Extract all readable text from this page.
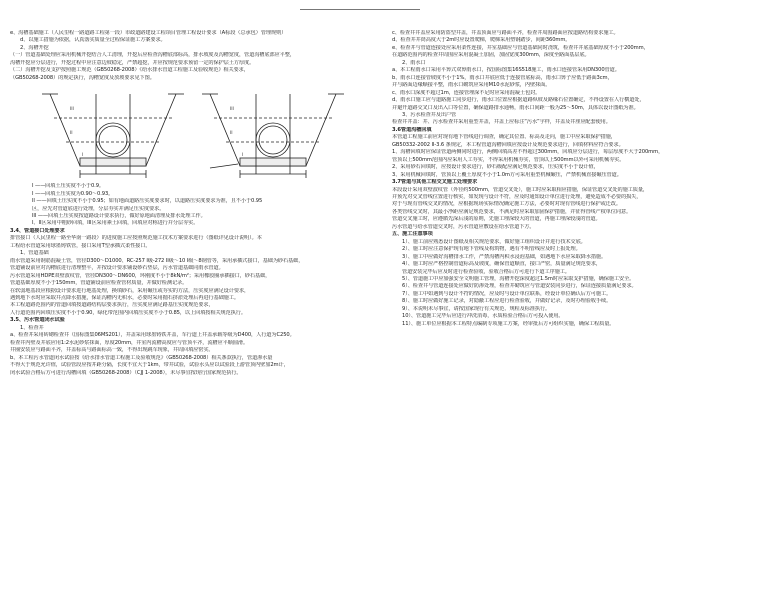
e、沟槽基础施工（人民里程一路道路工程第一段）市政道路建设工程项目管理工程设计要求（A标段（总承包）管理规则）

d、以施工措施为依据，认真落实质量全过程保证施工方案要求。

2、沟槽开挖

（一）管道基础处理应采用机械开挖结合人工清理，开挖后应检查沟槽底部标高，排水坡度及沟槽宽度，管道沟槽底部应平整，

沟槽开挖应分层进行，开挖过程中应注意边坡稳定，严禁超挖，并应按规范要求预留一定的保护层土方厚度。

（二）沟槽开挖及支护按照施工规范（GB50268-2008）《给水排水管道工程施工及验收规范》相关要求，

（GB50268-2008）的规定执行，沟槽宽度及放坡要求见下图。

III
II
I
III
II
I

I ——回填土压实度不小于0.9。

I ——回填土压实度为0.90～0.93。

II ——回填土压实度不小于0.95；如有地面道路压实度要求时，以道路压实度要求为准，且不小于0.95

区，应先对管道底进行处理，分层夯实并满足压实度要求。

III ——回填土压实度按道路设计要求执行，做好原地面清理及排水处理工作。

I、II区采用中粗砂回填，III区采用素土回填，回填应对称进行并分层夯实。

3.4、管道接口处理要求

排管接口（人民里程一路至华南一路段）的进度施工应按照规范施工技术方案要求进行（图纸详见设计说明）。本

工程给水管道采用球墨铸铁管，接口采用T型承插式柔性接口。

1、管道基础

雨水管道采用钢筋混凝土管，管径D300～D1000、RC-257 I级-272 II级～10 I级～8钢管等，采用承插式接口，基础为砂石基础，

管道铺设前应对沟槽底进行清理整平，并按设计要求铺设砂石垫层，污水管道基础同雨水管道。

污水管道采用HDPE双壁波纹管，管径DN300～DN600，环刚度不小于8kN/m²；采用橡胶圈承插接口，砂石基础，

管道基础厚度不小于150mm，管道铺设前应检查管材质量，并做好检测记录。

在软弱地基段应根据设计要求进行地基处理，换填砂石，采用碾压或夯实的方法，压实度应满足设计要求，

遇到地下水时应采取井点降水措施，保证沟槽内无积水，必要时采用抛石挤淤处理后再进行基础施工。

本工程道路范围内的管道回填按道路结构层要求执行，压实度应满足路基压实度规范要求，

人行道范围内回填压实度不小于0.90，绿化带范围内回填压实度不小于0.85，以上回填按相关规范执行。

3.5、污水管道闭水试验

1、检查井

a、检查井采用砖砌检查井（国标图集06MS201），井盖采用球墨铸铁井盖，车行道上井盖承载等级为D400，人行道为C250。

检查井内壁及井底应用1:2水泥砂浆抹面，厚度20mm，井室内流槽高度应与管顶平齐，流槽应平顺圆滑。

井圈安装应与路面平齐，井盖标高与路面标高一致，不得出现跳车现象，井周回填应密实。

b、本工程污水管道闭水试验按《给水排水管道工程施工及验收规范》（GB50268-2008）相关条款执行，管道渗水量

不得大于规范允许值，试验管段应按井距分隔，长度不宜大于1km，带井试验，试验水头应以试验段上游管顶内壁加2m计，

闭水试验合格后方可进行沟槽回填（GB50268-2008）（CJJ 1-2008），未尽事宜按现行国家规范执行。

c、检查井井盖应采用防盗型井盖，井盖顶面应与路面平齐，检查井周围路面应按道路结构要求施工。

d、检查井井筒高度大于2m时应设置爬梯，爬梯采用塑钢踏步，间距360mm。

e、检查井与管道连接处应采用柔性连接，井室基础应与管道基础同时浇筑，检查井井底基础厚度不小于200mm，

在道路范围内的检查井周围应采用混凝土加固，加固宽度300mm，深度至路面基层底。

2、雨水口

a、本工程雨水口采用平箅式双箅雨水口，按国标图集16S518施工，雨水口连接管采用DN300管道。

b、雨水口连接管坡度不小于1%，雨水口井底应低于连接管底标高，雨水口箅子应低于路面3cm，

并与路面边缘顺接平整，雨水口砌筑应采用M10水泥砂浆，内壁抹面。

c、雨水口深度不超过1m，连接管埋深不足时应采用混凝土包封。

d、雨水口施工应与道路施工同步进行，雨水口位置应根据道路纵坡及路缘石位置确定，不得设置在人行横道处，

并避开道路交叉口及出入口等位置，确保道路排水通畅，雨水口间距一般为25～50m，具体以设计图纸为准。

3、污水检查井及出户管

检查井井盖：井、污水检查井采用重型井盖，井盖上应标注“污水”字样，井盖及井座应配套使用。

3.6管道沟槽回填

本管道工程施工前应对现有地下管线进行调查，确定其位置、标高及走向，施工中应采取保护措施，

GB50332-2002 II-3.6 条规定，本工程管道沟槽回填应按设计及规范要求进行，回填材料应符合要求。

1、沟槽回填时应保证管道两侧同时进行，两侧回填高差不得超过300mm，回填应分层进行，每层厚度不大于200mm，

管顶以上500mm范围内应采用人工夯实，不得采用机械夯实，管顶以上500mm以外可采用机械夯实。

2、采用砂石回填时，应按设计要求进行，砂石级配应满足规范要求，压实度不小于设计值，

3、采用机械回填时，管顶以上覆土厚度不小于1.0m方可采用重型机械碾压，严禁机械直接碾压管道。

3.7管道与其他工程交叉施工处理要求

本段设计采用双壁波纹管（外径约500mm，管道交叉处），施工时应采取相应措施，保证管道交叉处的施工质量，

并预先对交叉管线位置进行核实，如发现与设计不符，应及时通知设计单位进行处理，避免造成不必要的损失，

对于与现有管线交叉的情况，应根据现场实际情况确定施工方法，必要时对现有管线进行保护或迁改。

各类管线交叉时，其最小净距应满足规范要求，不满足时应采取加固保护措施，并征得管线产权单位同意。

管道交叉施工时，应遵循先深后浅的原则，先施工埋深较大的管道，再施工埋深较浅的管道。

污水管道与给水管道交叉时，污水管道应敷设在给水管道下方。

五、施工注意事项

1）、施工前应熟悉设计图纸及相关规范要求，做好施工组织设计并进行技术交底。

2）、施工时应注意保护现有地下管线及构筑物，遇有不明管线应及时上报处理。

3）、施工中应做好沟槽排水工作，严禁沟槽内积水浸泡基础，如遇地下水应采取降水措施。

4）、施工时应严格控制管道标高及坡度，确保管道顺直，接口严密，质量满足规范要求，

管道安装完毕后应及时进行检查验收，验收合格后方可进行下道工序施工。

5）、管道施工中应加强安全文明施工管理，沟槽开挖深度超过1.5m时应采取支护措施，确保施工安全。

6）、检查井与管道连接处应做好防渗处理，检查井砌筑应与管道安装同步进行，保证连接质量满足要求。

7）、施工中如遇到与设计不符的情况，应及时与设计单位联系，经设计单位确认后方可施工。

8）、施工时应做好施工记录，对隐蔽工程应进行检查验收，并做好记录，及时办理验收手续。

9）、本说明未尽事宜，请按国家现行有关规范、规程及标准执行。

10）、管道施工完毕后应进行冲洗消毒，水质检验合格后方可投入使用。

11）、施工单位应根据本工程特点编制专项施工方案，经审批后方可组织实施，确保工程质量。
